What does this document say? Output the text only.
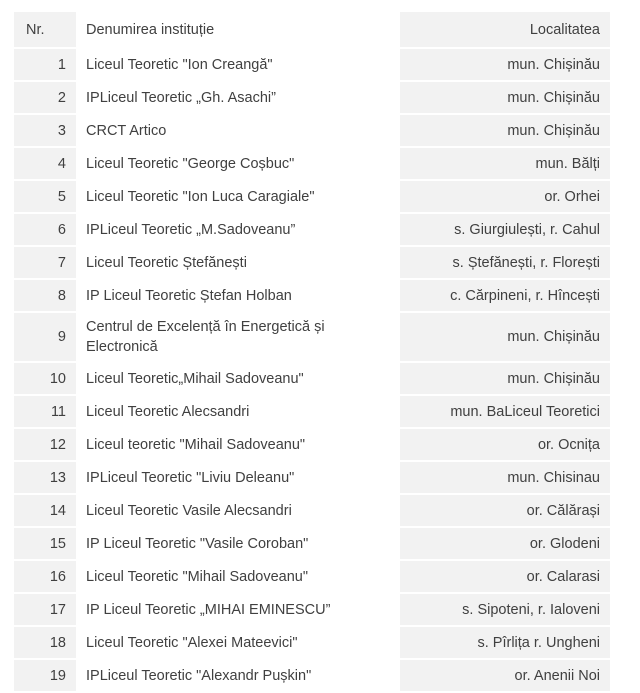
Nr.	Denumirea instituție	Localitatea
1	Liceul Teoretic "Ion Creangă"	mun. Chișinău
2	IPLiceul Teoretic „Gh. Asachi”	mun. Chișinău
3	CRCT Artico	mun. Chișinău
4	Liceul Teoretic "George Coșbuc"	mun. Bălți
5	Liceul Teoretic "Ion Luca Caragiale"	or. Orhei
6	IPLiceul Teoretic „M.Sadoveanu”	s. Giurgiulești, r. Cahul
7	Liceul Teoretic Ștefănești	s. Ștefănești, r. Florești
8	IP Liceul Teoretic Ștefan Holban	c. Cărpineni, r. Hîncești
9	Centrul de Excelență în Energetică și Electronică	mun. Chișinău
10	Liceul Teoretic„Mihail Sadoveanu"	mun. Chișinău
11	Liceul Teoretic Alecsandri	mun. BaLiceul Teoretici
12	Liceul teoretic "Mihail Sadoveanu"	or. Ocnița
13	IPLiceul Teoretic "Liviu Deleanu"	mun. Chisinau
14	Liceul Teoretic Vasile Alecsandri	or. Călărași
15	IP Liceul Teoretic "Vasile Coroban"	or. Glodeni
16	Liceul Teoretic "Mihail Sadoveanu"	or. Calarasi
17	IP Liceul Teoretic „MIHAI EMINESCU”	s. Sipoteni, r. Ialoveni
18	Liceul Teoretic "Alexei Mateevici"	s. Pîrlița r. Ungheni
19	IPLiceul Teoretic "Alexandr Pușkin"	or. Anenii Noi
